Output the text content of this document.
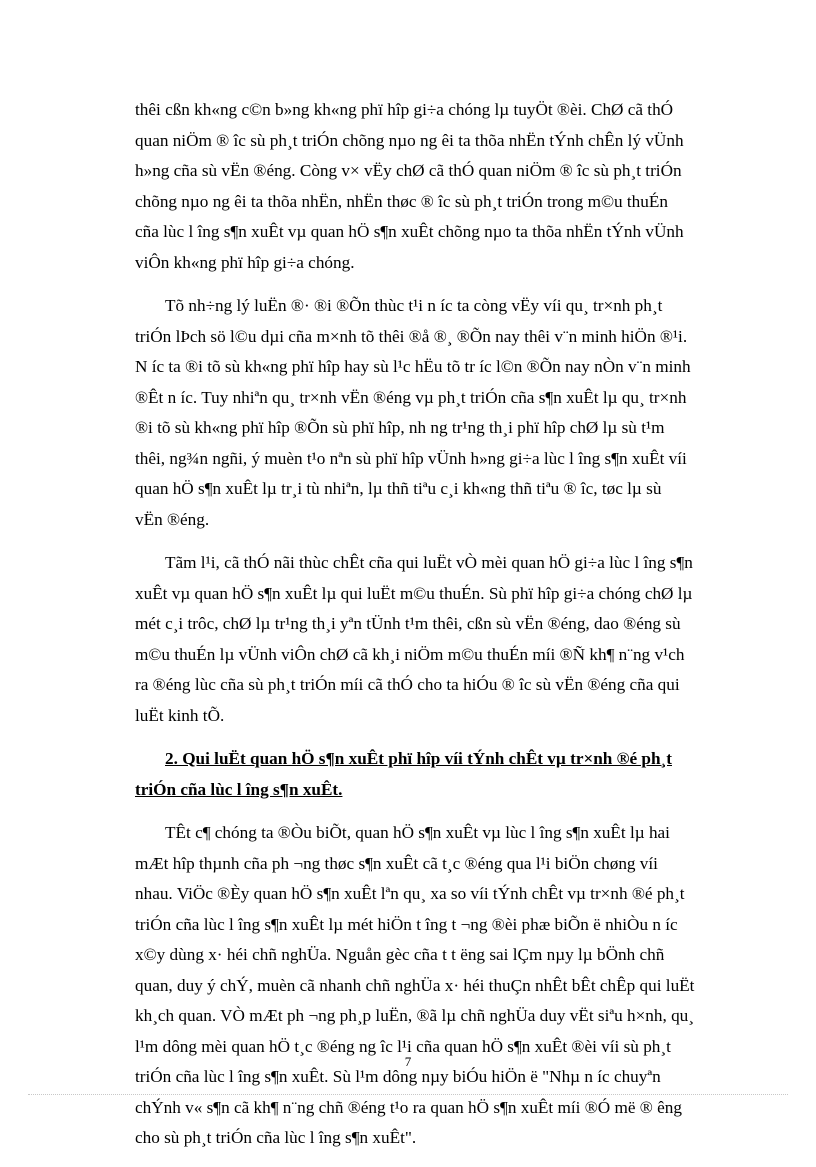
thêi cßn kh«ng c©n b»ng kh«ng phï hîp gi÷a chóng lµ tuyÖt ®èi. ChØ cã thÓ
quan niÖm ® îc sù ph¸t triÓn chõng nµo ng êi ta thõa nhËn tÝnh chÊn lý vÜnh
h»ng cña sù vËn ®éng. Còng v× vËy chØ cã thÓ quan niÖm ® îc sù ph¸t triÓn
chõng nµo ng êi ta thõa nhËn, nhËn thøc ® îc sù ph¸t triÓn trong m©u thuÉn
cña lùc l îng s¶n xuÊt vµ quan hÖ s¶n xuÊt chõng nµo ta thõa nhËn tÝnh vÜnh
viÔn kh«ng phï hîp gi÷a chóng.
Tõ nh÷ng lý luËn ®· ®i ®Õn thùc t¹i n íc ta còng vËy víi qu¸ tr×nh ph¸t
triÓn lÞch sö l©u dµi cña m×nh tõ thêi ®å ®¸ ®Õn nay thêi v¨n minh hiÖn ®¹i.
N íc ta ®i tõ sù kh«ng phï hîp hay sù l¹c hËu tõ tr íc l©n ®Õn nay nÒn v¨n minh
®Êt n íc. Tuy nhiªn qu¸ tr×nh vËn ®éng vµ ph¸t triÓn cña s¶n xuÊt lµ qu¸ tr×nh
®i tõ sù kh«ng phï hîp ®Õn sù phï hîp, nh ng tr¹ng th¸i phï hîp chØ lµ sù t¹m
thêi, ng¾n ngñi, ý muèn t¹o nªn sù phï hîp vÜnh h»ng gi÷a lùc l îng s¶n xuÊt víi
quan hÖ s¶n xuÊt lµ tr¸i tù nhiªn, lµ thñ tiªu c¸i kh«ng thñ tiªu ® îc, tøc lµ sù
vËn ®éng.
Tãm l¹i, cã thÓ nãi thùc chÊt cña qui luËt vÒ mèi quan hÖ gi÷a lùc l îng s¶n
xuÊt vµ quan hÖ s¶n xuÊt lµ qui luËt m©u thuÉn. Sù phï hîp gi÷a chóng chØ lµ
mét c¸i trôc, chØ lµ tr¹ng th¸i yªn tÜnh t¹m thêi, cßn sù vËn ®éng, dao ®éng sù
m©u thuÉn lµ vÜnh viÔn chØ cã kh¸i niÖm m©u thuÉn míi ®Ñ kh¶ n¨ng v¹ch
ra ®éng lùc cña sù ph¸t triÓn míi cã thÓ cho ta hiÓu ® îc sù vËn ®éng cña qui
luËt kinh tÕ.
2. Qui luËt quan hÖ s¶n xuÊt phï hîp víi tÝnh chÊt vµ tr×nh ®é ph¸t
triÓn cña lùc l îng s¶n xuÊt.
TÊt c¶ chóng ta ®Òu biÕt, quan hÖ s¶n xuÊt vµ lùc l îng s¶n xuÊt lµ hai
mÆt hîp thµnh cña ph ¬ng thøc s¶n xuÊt cã t¸c ®éng qua l¹i biÖn chøng víi
nhau. ViÖc ®Èy quan hÖ s¶n xuÊt lªn qu¸ xa so víi tÝnh chÊt vµ tr×nh ®é ph¸t
triÓn cña lùc l îng s¶n xuÊt lµ mét hiÖn t îng t ¬ng ®èi phæ biÕn ë nhiÒu n íc
x©y dùng x· héi chñ nghÜa. Nguån gèc cña t t ëng sai lÇm nµy lµ bÖnh chñ
quan, duy ý chÝ, muèn cã nhanh chñ nghÜa x· héi thuÇn nhÊt bÊt chÊp qui luËt
kh¸ch quan. VÒ mÆt ph ¬ng ph¸p luËn, ®ã lµ chñ nghÜa duy vËt siªu h×nh, qu¸
l¹m dông mèi quan hÖ t¸c ®éng ng îc l¹i cña quan hÖ s¶n xuÊt ®èi víi sù ph¸t
triÓn cña lùc l îng s¶n xuÊt. Sù l¹m dông nµy biÓu hiÖn ë "Nhµ n íc chuyªn
chÝnh v« s¶n cã kh¶ n¨ng chñ ®éng t¹o ra quan hÖ s¶n xuÊt míi ®Ó më ® êng
cho sù ph¸t triÓn cña lùc l îng s¶n xuÊt".
7
